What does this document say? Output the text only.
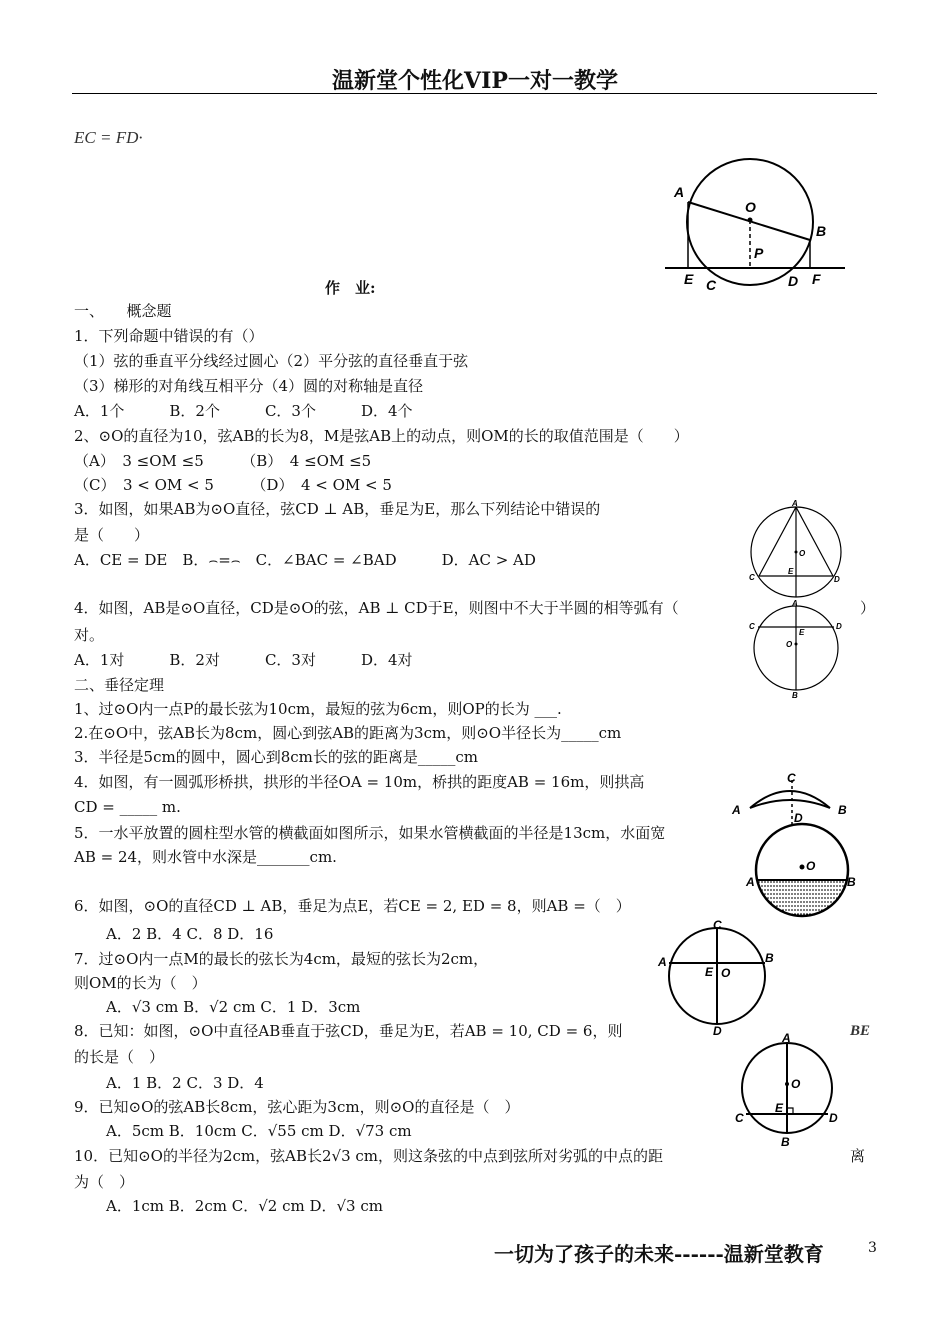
温新堂个性化VIP一对一教学
EC = FD·
A
O
B
P
E C	D F
作　业:
一、　　概念题
1．下列命题中错误的有（）
（1）弦的垂直平分线经过圆心（2）平分弦的直径垂直于弦
（3）梯形的对角线互相平分（4）圆的对称轴是直径
A．1个　　　B．2个　　　C．3个　　　D．4个
2、⊙O的直径为10，弦AB的长为8，M是弦AB上的动点，则OM的长的取值范围是（　　）
（A）　3 ≤OM ≤5　　　（B）　4 ≤OM ≤5
（C）　3 < OM < 5　　　（D）　4 < OM < 5
3．如图，如果AB为⊙O直径，弦CD ⊥ AB，垂足为E，那么下列结论中错误的
是（　　）
A．CE = DE　B．⌢=⌢　C．∠BAC = ∠BAD　　　D．AC > AD
4．如图，AB是⊙O直径，CD是⊙O的弦，AB ⊥ CD于E，则图中不大于半圆的相等弧有（
对。
A．1对　　　B．2对　　　C．3对　　　D．4对
二、垂径定理
1、过⊙O内一点P的最长弦为10cm，最短的弦为6cm，则OP的长为 ___.
2.在⊙O中，弦AB长为8cm，圆心到弦AB的距离为3cm，则⊙O半径长为_____cm
3．半径是5cm的圆中，圆心到8cm长的弦的距离是_____cm
4．如图，有一圆弧形桥拱，拱形的半径OA = 10m，桥拱的距度AB = 16m，则拱高
CD = _____ m.
5．一水平放置的圆柱型水管的横截面如图所示，如果水管横截面的半径是13cm，水面宽
AB = 24，则水管中水深是_______cm.
6．如图，⊙O的直径CD ⊥ AB，垂足为点E，若CE = 2, ED = 8，则AB =（　）
A．2 B．4 C．8 D．16
7．过⊙O内一点M的最长的弦长为4cm，最短的弦长为2cm，
则OM的长为（　）
A．√3 cm B．√2 cm C．1 D．3cm
8．已知：如图，⊙O中直径AB垂直于弦CD，垂足为E，若AB = 10, CD = 6，则
的长是（　）
A．1 B．2 C．3 D．4
9．已知⊙O的弦AB长8cm，弦心距为3cm，则⊙O的直径是（　）
A．5cm B．10cm C．√55 cm D．√73 cm
10．已知⊙O的半径为2cm，弦AB长2√3 cm，则这条弦的中点到弦所对劣弧的中点的距
为（　）
A．1cm B．2cm C．√2 cm D．√3 cm
）
BE
离
A
O
E
C	D
A
C	D
E
O
B
C
A	B
D
O
A	B
C
A	B
E O
D	A
O
C
E
D
B
一切为了孩子的未来------温新堂教育	3
